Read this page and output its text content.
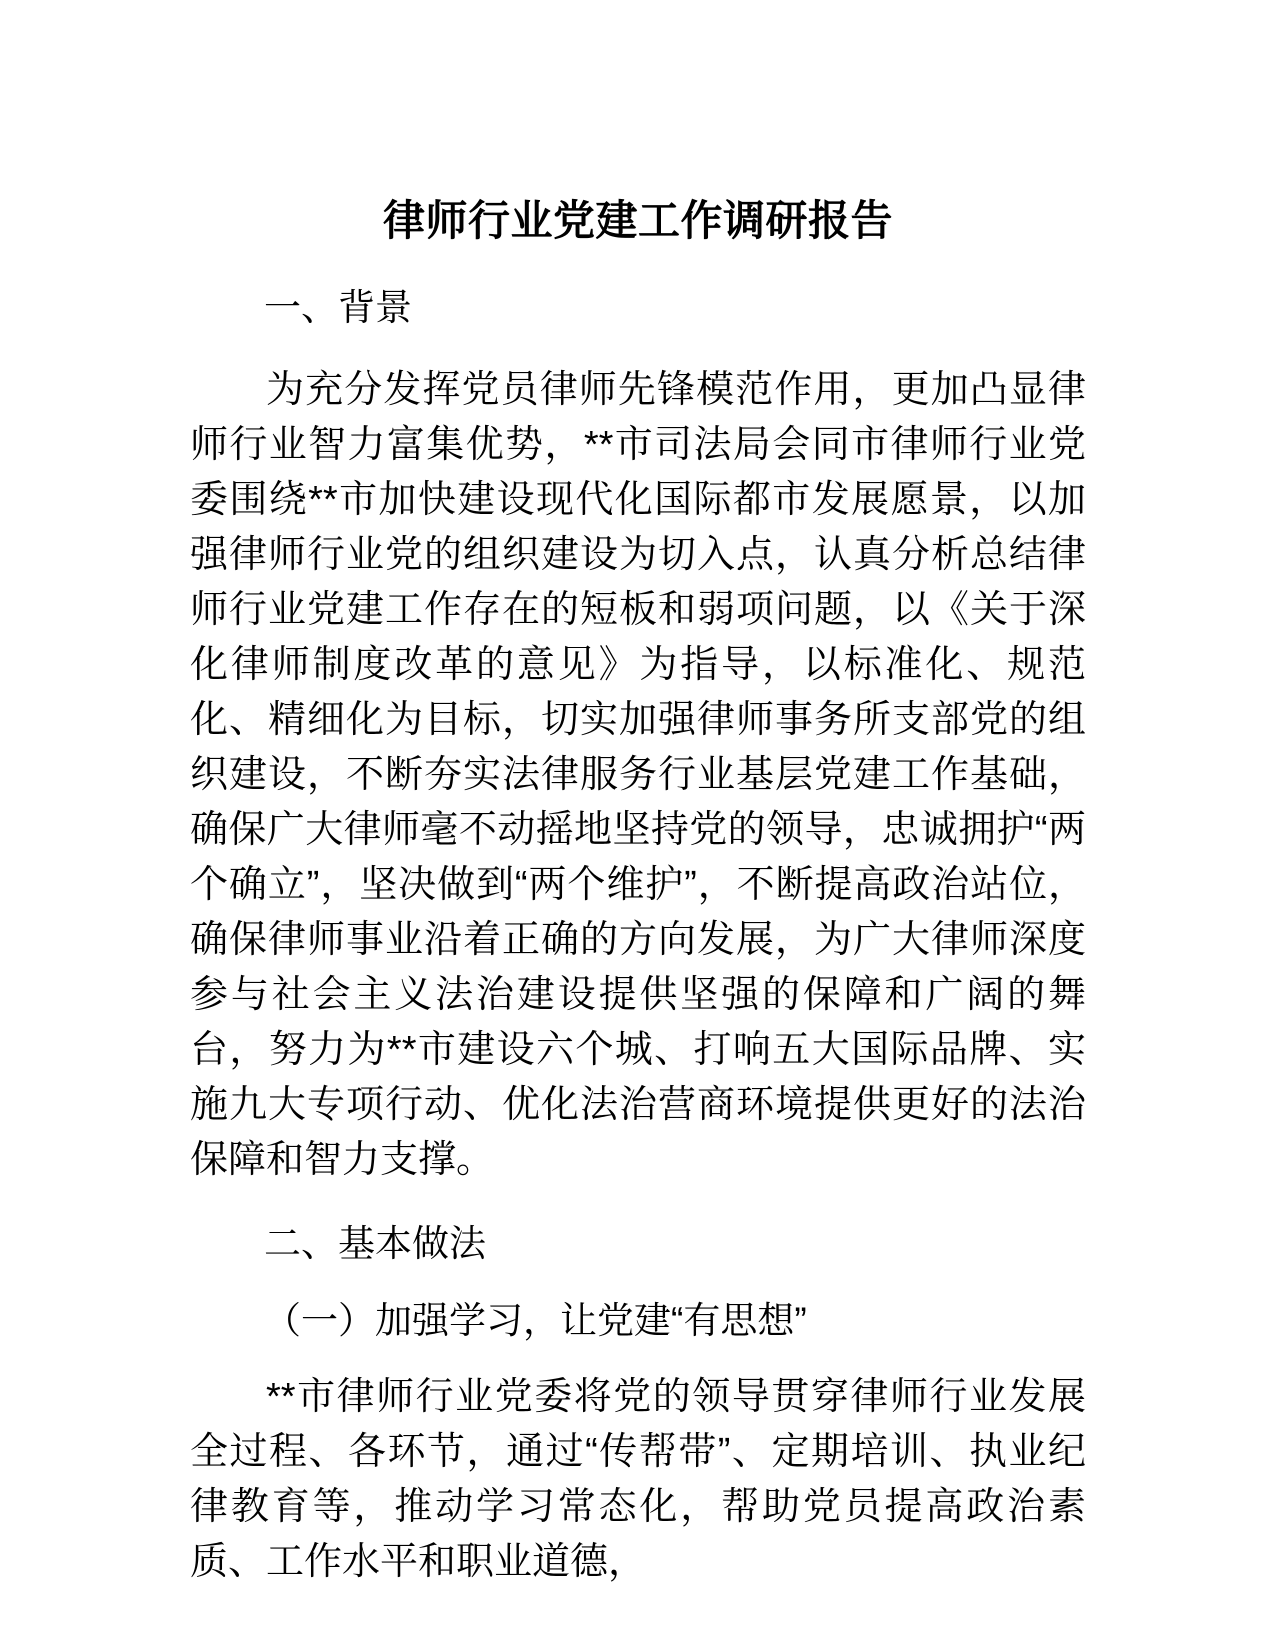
律师行业党建工作调研报告
一、背景

为充分发挥党员律师先锋模范作用，更加凸显律师行业智力富集优势，**市司法局会同市律师行业党委围绕**市加快建设现代化国际都市发展愿景，以加强律师行业党的组织建设为切入点，认真分析总结律师行业党建工作存在的短板和弱项问题，以《关于深化律师制度改革的意见》为指导，以标准化、规范化、精细化为目标，切实加强律师事务所支部党的组织建设，不断夯实法律服务行业基层党建工作基础，确保广大律师毫不动摇地坚持党的领导，忠诚拥护“两个确立”，坚决做到“两个维护”，不断提高政治站位，确保律师事业沿着正确的方向发展，为广大律师深度参与社会主义法治建设提供坚强的保障和广阔的舞台，努力为**市建设六个城、打响五大国际品牌、实施九大专项行动、优化法治营商环境提供更好的法治保障和智力支撑。

二、基本做法
（一）加强学习，让党建“有思想”

**市律师行业党委将党的领导贯穿律师行业发展全过程、各环节，通过“传帮带”、定期培训、执业纪律教育等，推动学习常态化，帮助党员提高政治素质、工作水平和职业道德，
